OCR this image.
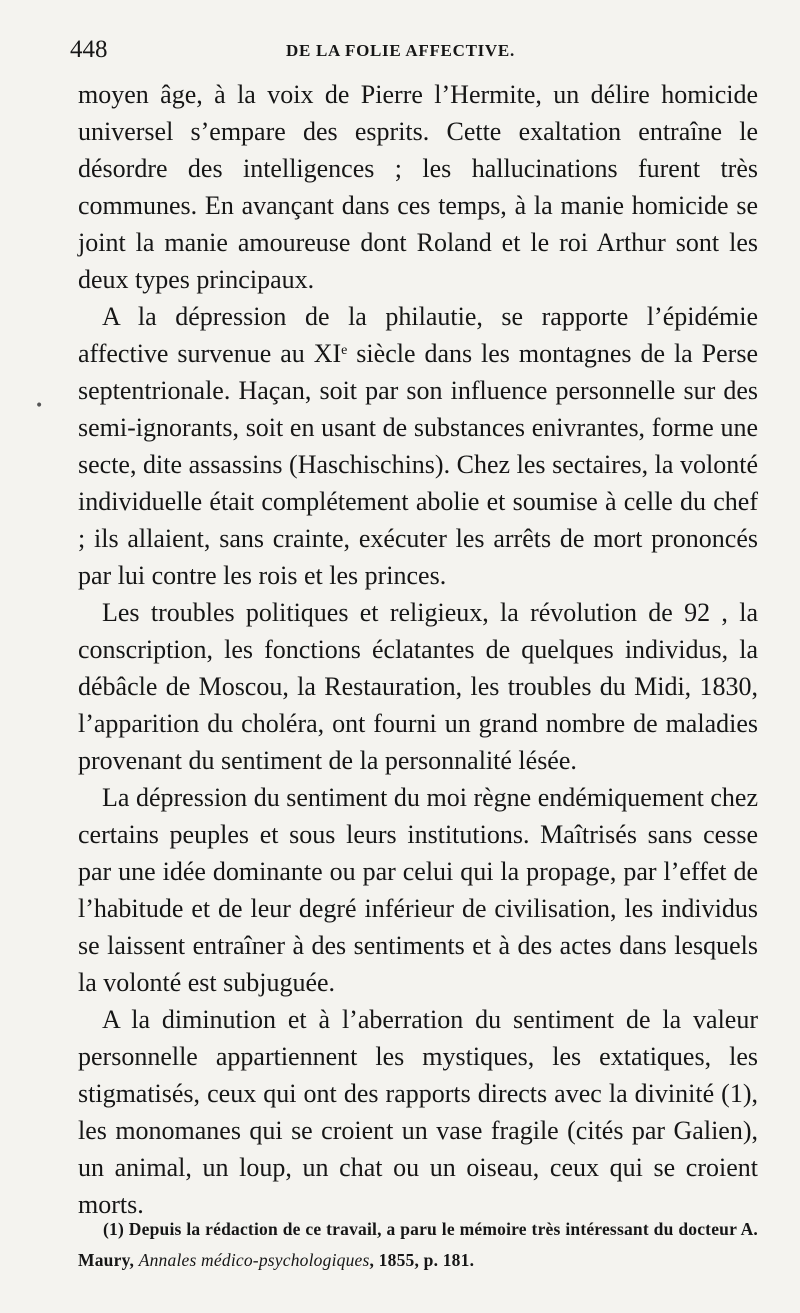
448	DE LA FOLIE AFFECTIVE.

moyen âge, à la voix de Pierre l’Hermite, un délire homicide universel s’empare des esprits. Cette exaltation entraîne le désordre des intelligences ; les hallucinations furent très communes. En avançant dans ces temps, à la manie homicide se joint la manie amoureuse dont Roland et le roi Arthur sont les deux types principaux.

A la dépression de la philautie, se rapporte l’épidémie affective survenue au XIe siècle dans les montagnes de la Perse septentrionale. Haçan, soit par son influence personnelle sur des semi-ignorants, soit en usant de substances enivrantes, forme une secte, dite assassins (Haschischins). Chez les sectaires, la volonté individuelle était complétement abolie et soumise à celle du chef ; ils allaient, sans crainte, exécuter les arrêts de mort prononcés par lui contre les rois et les princes.

Les troubles politiques et religieux, la révolution de 92 , la conscription, les fonctions éclatantes de quelques individus, la débâcle de Moscou, la Restauration, les troubles du Midi, 1830, l’apparition du choléra, ont fourni un grand nombre de maladies provenant du sentiment de la personnalité lésée.

La dépression du sentiment du moi règne endémiquement chez certains peuples et sous leurs institutions. Maîtrisés sans cesse par une idée dominante ou par celui qui la propage, par l’effet de l’habitude et de leur degré inférieur de civilisation, les individus se laissent entraîner à des sentiments et à des actes dans lesquels la volonté est subjuguée.

A la diminution et à l’aberration du sentiment de la valeur personnelle appartiennent les mystiques, les extatiques, les stigmatisés, ceux qui ont des rapports directs avec la divinité (1), les monomanes qui se croient un vase fragile (cités par Galien), un animal, un loup, un chat ou un oiseau, ceux qui se croient morts.

•
(1) Depuis la rédaction de ce travail, a paru le mémoire très intéressant du docteur A. Maury, Annales médico-psychologiques, 1855, p. 181.
